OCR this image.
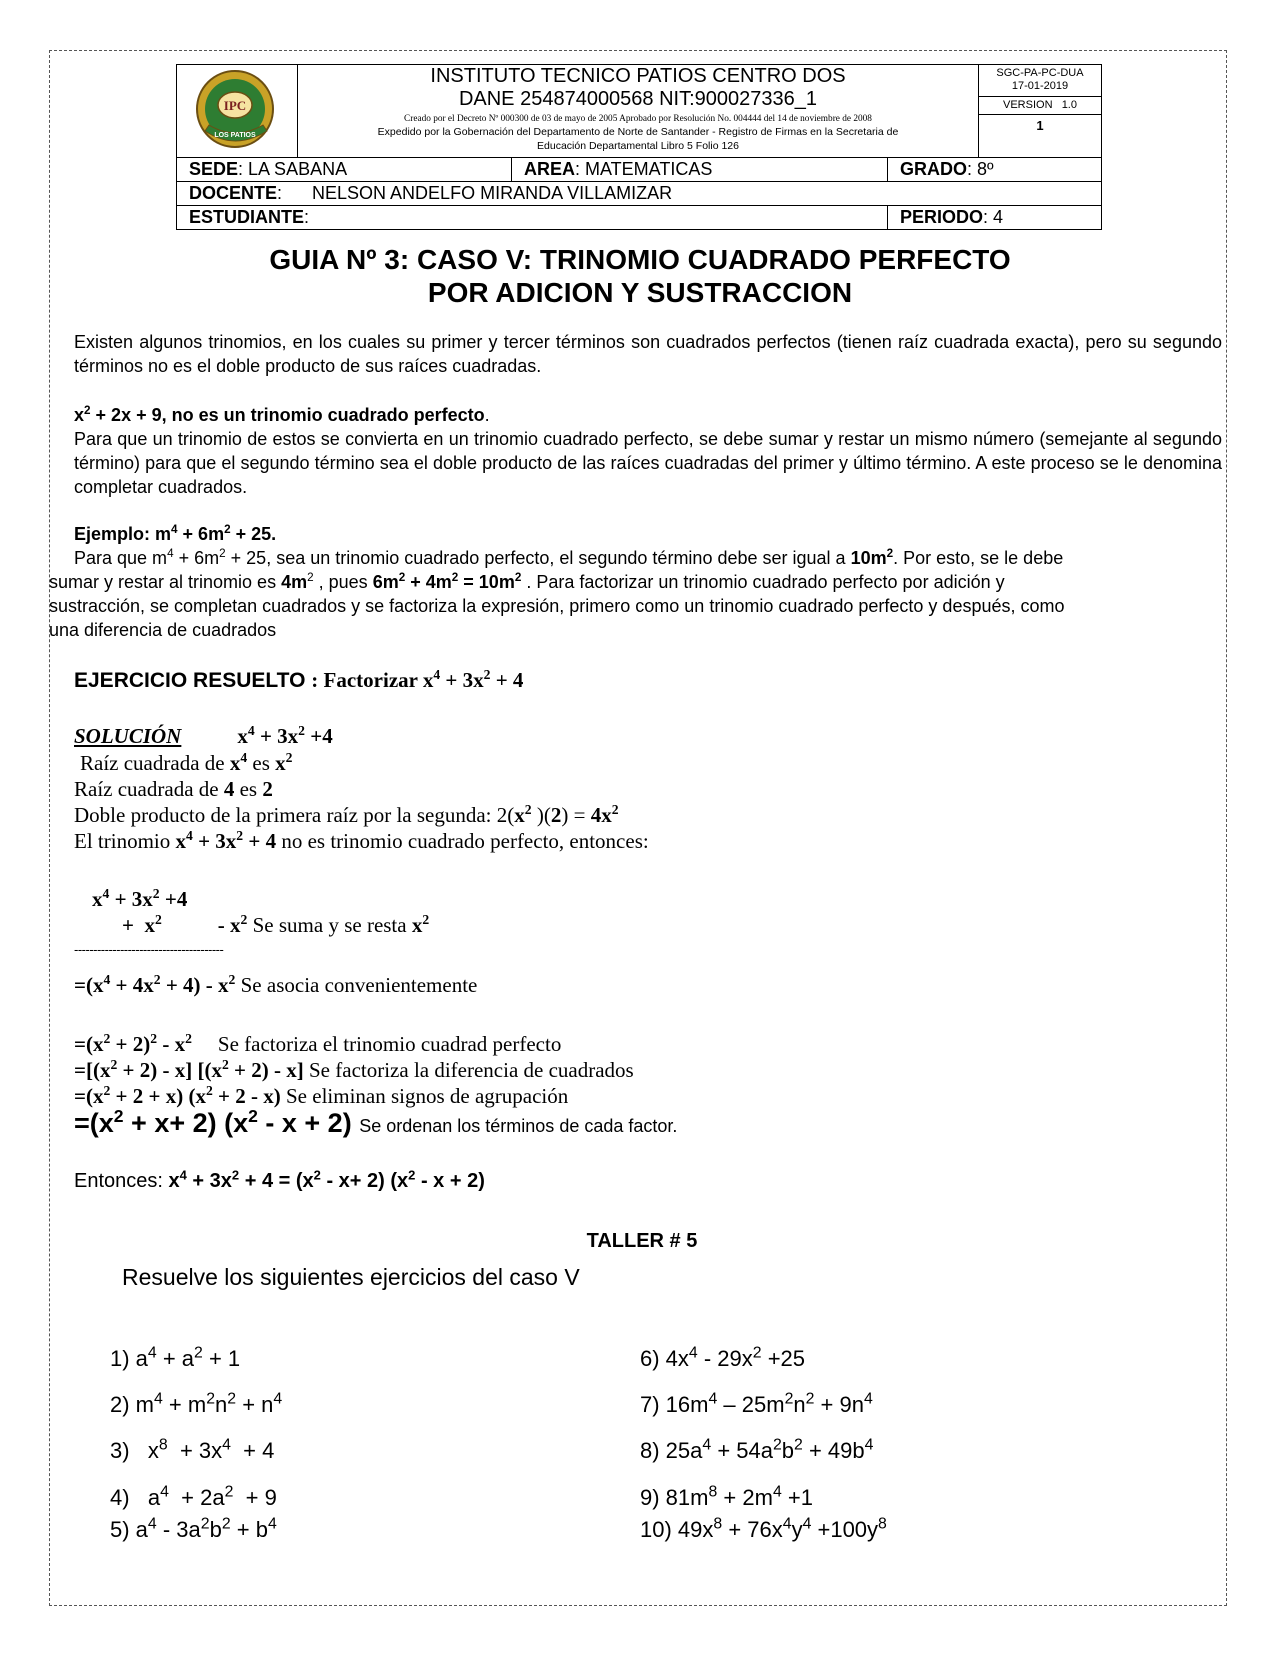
IPC
LOS PATIOS
INSTITUTO TECNICO PATIOS CENTRO DOS
DANE 254874000568 NIT:900027336_1
Creado por el Decreto Nº 000300 de 03 de mayo de 2005 Aprobado por Resolución No. 004444 del 14 de noviembre de 2008
Expedido por la Gobernación del Departamento de Norte de Santander - Registro de Firmas en la Secretaria de
Educación Departamental Libro 5 Folio 126
SGC-PA-PC-DUA
17-01-2019
VERSION 1.0
1
SEDE: LA SABANA	AREA: MATEMATICAS	GRADO: 8º
DOCENTE:      NELSON ANDELFO MIRANDA VILLAMIZAR
ESTUDIANTE:	PERIODO: 4
GUIA Nº 3: CASO V: TRINOMIO CUADRADO PERFECTO
POR ADICION Y SUSTRACCION
Existen algunos trinomios, en los cuales su primer y tercer términos son cuadrados perfectos (tienen raíz cuadrada exacta), pero su segundo términos no es el doble producto de sus raíces cuadradas.
$x^2 + 2x + 9$, no es un trinomio cuadrado perfecto.
Para que un trinomio de estos se convierta en un trinomio cuadrado perfecto, se debe sumar y restar un mismo número (semejante al segundo término) para que el segundo término sea el doble producto de las raíces cuadradas del primer y último término. A este proceso se le denomina completar cuadrados.
Ejemplo: $m^4 + 6m^2 + 25$.
Para que $m^4 + 6m^2 + 25$, sea un trinomio cuadrado perfecto, el segundo término debe ser igual a $10m^2$. Por esto, se le debe
sumar y restar al trinomio es $4m^2$ , pues $6m^2 + 4m^2 = 10m^2$ . Para factorizar un trinomio cuadrado perfecto por adición y
sustracción, se completan cuadrados y se factoriza la expresión, primero como un trinomio cuadrado perfecto y después, como
una diferencia de cuadrados
EJERCICIO RESUELTO : Factorizar $x^4 + 3x^2 + 4$
SOLUCIÓN	$x^4 + 3x^2 +4$
Raíz cuadrada de $x^4$ es $x^2$
Raíz cuadrada de 4 es 2
Doble producto de la primera raíz por la segunda: $2(x^2$ )$(2) = 4x^2$
El trinomio $x^4 + 3x^2 + 4$ no es trinomio cuadrado perfecto, entonces:
$x^4 + 3x^2 +4$
+  $x^2$	- $x^2$ Se suma y se resta $x^2$
---------------------------------------
$=(x^4 + 4x^2 + 4) - x^2$ Se asocia convenientemente
$=(x^2 + 2)^2 - x^2$ Se factoriza el trinomio cuadrad perfecto
$=[(x^2 + 2) - x] [(x^2 + 2) - x]$ Se factoriza la diferencia de cuadrados
$=(x^2 + 2 + x) (x^2 + 2 - x)$ Se eliminan signos de agrupación
$=(x^2 + x+ 2)$ $(x^2 - x + 2)$ Se ordenan los términos de cada factor.
Entonces: $x^4 + 3x^2 + 4 = (x^2 - x+ 2)$ $(x^2 - x + 2)$
TALLER # 5
Resuelve los siguientes ejercicios del caso V
1) $a^4 + a^2 + 1$
2) $m^4 + m^2n^2 + n^4$
3)   $x^8 + 3x^4 + 4$
4)   $a^4 + 2a^2 + 9$
5) $a^4 - 3a^2b^2 + b^4$
6) $4x^4 - 29x^2 +25$
7) $16m^4 - 25m^2n^2 + 9n^4$
8) $25a^4 + 54a^2b^2 + 49b^4$
9) $81m^8 + 2m^4 +1$
10) $49x^8 + 76x^4y^4 +100y^8$
